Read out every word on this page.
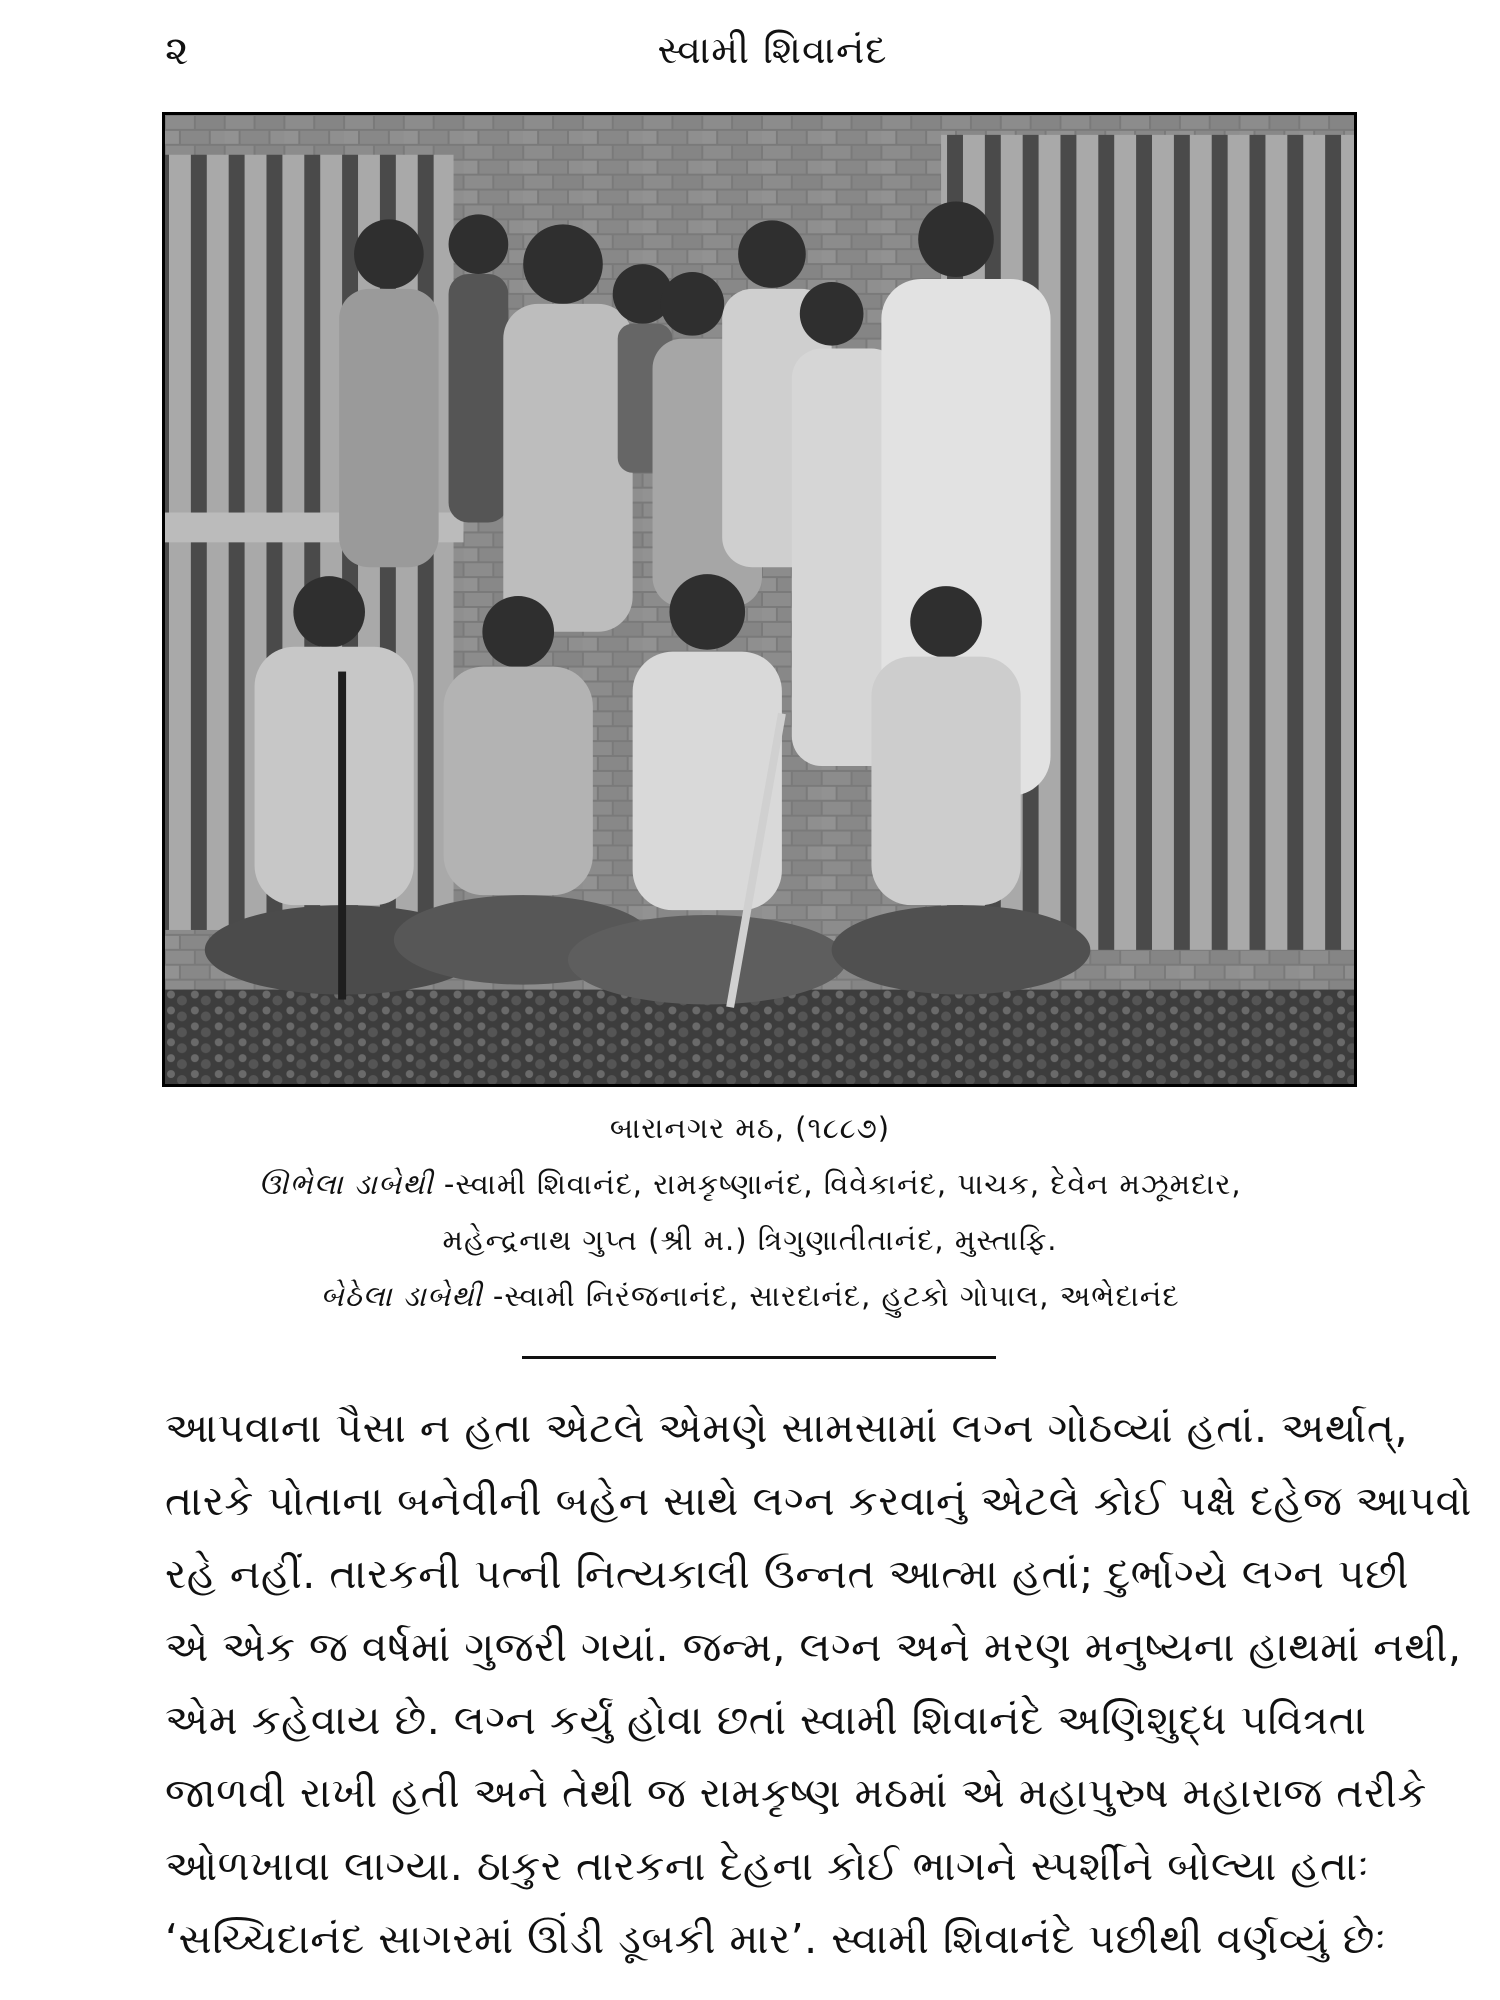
૨	સ્વામી શિવાનંદ
બારાનગર મઠ, (૧૮૮૭)
ઊભેલા ડાબેથી -સ્વામી શિવાનંદ, રામકૃષ્ણાનંદ, વિવેકાનંદ, પાચક, દેવેન મઝૂમદાર,
મહેન્દ્રનાથ ગુપ્ત (શ્રી મ.) ત્રિગુણાતીતાનંદ, મુસ્તાફિ.
બેઠેલા ડાબેથી -સ્વામી નિરંજનાનંદ, સારદાનંદ, હુટકો ગોપાલ, અભેદાનંદ
આપવાના પૈસા ન હતા એટલે એમણે સામસામાં લગ્ન ગોઠવ્યાં હતાં. અર્થાત્,
તારકે પોતાના બનેવીની બહેન સાથે લગ્ન કરવાનું એટલે કોઈ પક્ષે દહેજ આપવો
રહે નહીં. તારકની પત્ની નિત્યકાલી ઉન્નત આત્મા હતાં; દુર્ભાગ્યે લગ્ન પછી
એ એક જ વર્ષમાં ગુજરી ગયાં. જન્મ, લગ્ન અને મરણ મનુષ્યના હાથમાં નથી,
એમ કહેવાય છે. લગ્ન કર્યું હોવા છતાં સ્વામી શિવાનંદે અણિશુદ્ધ પવિત્રતા
જાળવી રાખી હતી અને તેથી જ રામકૃષ્ણ મઠમાં એ મહાપુરુષ મહારાજ તરીકે
ઓળખાવા લાગ્યા. ઠાકુર તારકના દેહના કોઈ ભાગને સ્પર્શીને બોલ્યા હતાઃ
‘સચ્ચિદાનંદ સાગરમાં ઊંડી ડૂબકી માર’. સ્વામી શિવાનંદે પછીથી વર્ણવ્યું છેઃ
